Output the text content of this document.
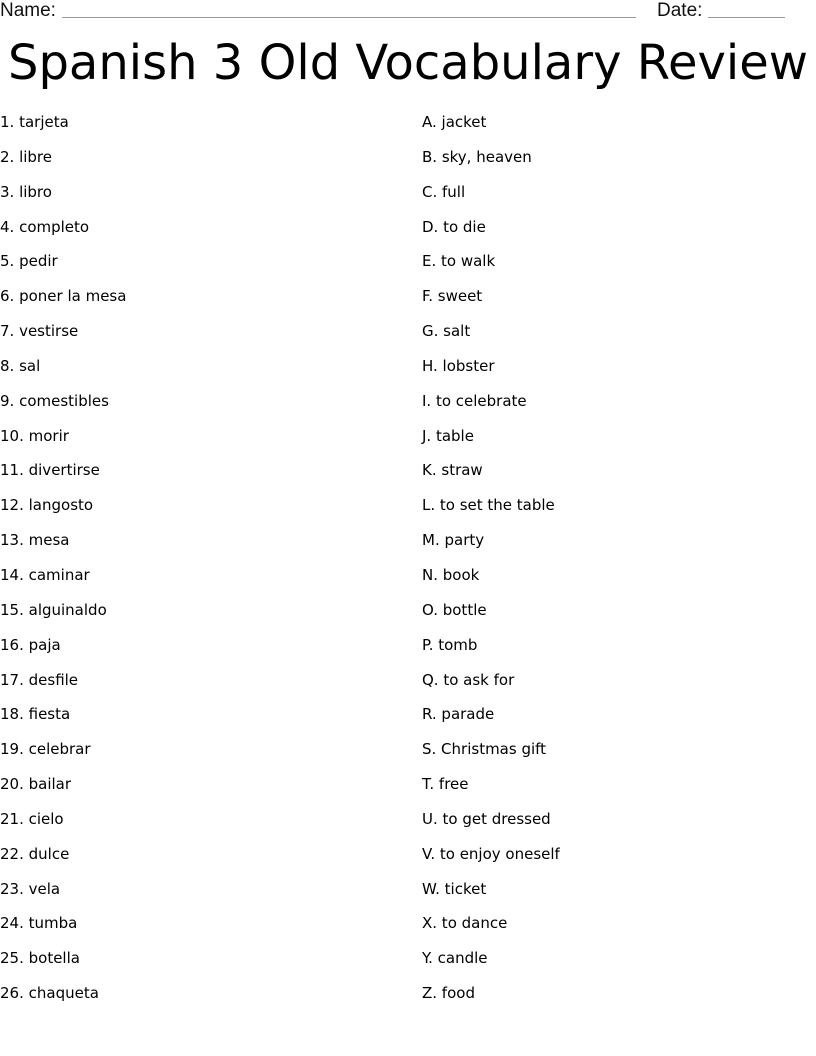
Name:	Date:
Spanish 3 Old Vocabulary Review
1. tarjeta
2. libre
3. libro
4. completo
5. pedir
6. poner la mesa
7. vestirse
8. sal
9. comestibles
10. morir
11. divertirse
12. langosto
13. mesa
14. caminar
15. alguinaldo
16. paja
17. desfile
18. fiesta
19. celebrar
20. bailar
21. cielo
22. dulce
23. vela
24. tumba
25. botella
26. chaqueta
A. jacket
B. sky, heaven
C. full
D. to die
E. to walk
F. sweet
G. salt
H. lobster
I. to celebrate
J. table
K. straw
L. to set the table
M. party
N. book
O. bottle
P. tomb
Q. to ask for
R. parade
S. Christmas gift
T. free
U. to get dressed
V. to enjoy oneself
W. ticket
X. to dance
Y. candle
Z. food
